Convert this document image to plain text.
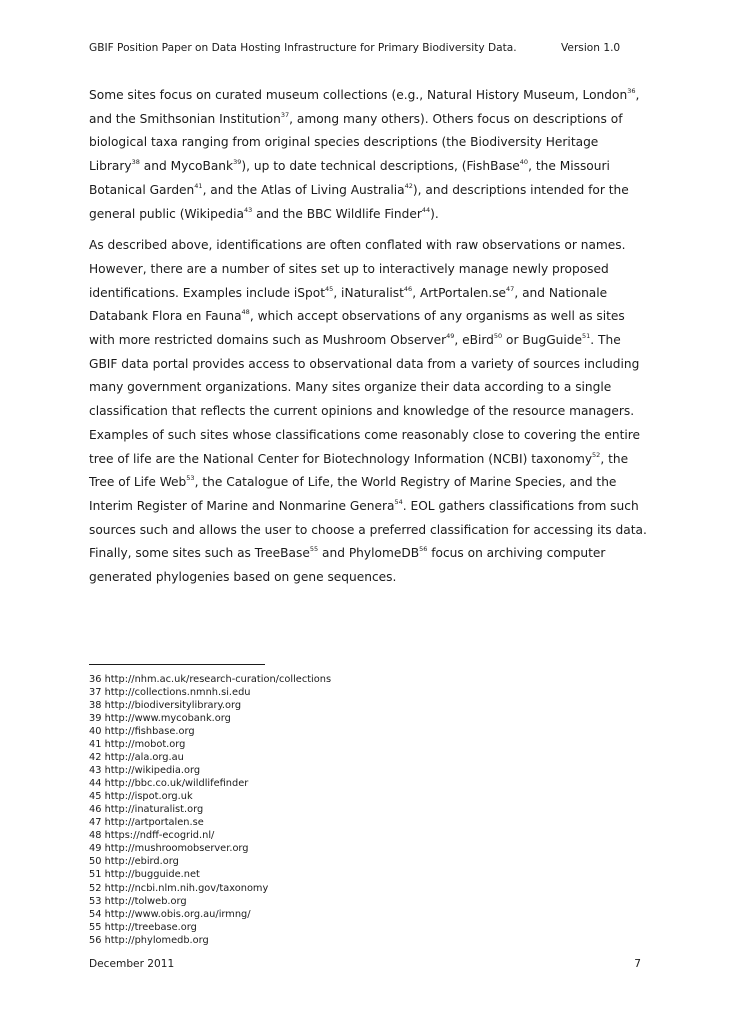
GBIF Position Paper on Data Hosting Infrastructure for Primary Biodiversity Data.	Version 1.0

Some sites focus on curated museum collections (e.g., Natural History Museum, London$^{36}$, and the Smithsonian Institution$^{37}$, among many others). Others focus on descriptions of biological taxa ranging from original species descriptions (the Biodiversity Heritage Library$^{38}$ and MycoBank$^{39}$), up to date technical descriptions, (FishBase$^{40}$, the Missouri Botanical Garden$^{41}$, and the Atlas of Living Australia$^{42}$), and descriptions intended for the general public (Wikipedia$^{43}$ and the BBC Wildlife Finder$^{44}$).

As described above, identifications are often conflated with raw observations or names. However, there are a number of sites set up to interactively manage newly proposed identifications. Examples include iSpot$^{45}$, iNaturalist$^{46}$, $ArtPortalen.se^{47}$, and Nationale Databank Flora en Fauna$^{48}$, which accept observations of any organisms as well as sites with more restricted domains such as Mushroom Observer$^{49}$, eBird$^{50}$ or BugGuide$^{51}$. The GBIF data portal provides access to observational data from a variety of sources including many government organizations. Many sites organize their data according to a single classification that reflects the current opinions and knowledge of the resource managers. Examples of such sites whose classifications come reasonably close to covering the entire tree of life are the National Center for Biotechnology Information (NCBI) taxonomy$^{52}$, the Tree of Life Web$^{53}$, the Catalogue of Life, the World Registry of Marine Species, and the Interim Register of Marine and Nonmarine Genera$^{54}$. EOL gathers classifications from such sources such and allows the user to choose a preferred classification for accessing its data. Finally, some sites such as TreeBase$^{55}$ and PhylomeDB$^{56}$ focus on archiving computer generated phylogenies based on gene sequences.

36 http://nhm.ac.uk/research-curation/collections
37 http://collections.nmnh.si.edu
38 http://biodiversitylibrary.org
39 http://www.mycobank.org
40 http://fishbase.org
41 http://mobot.org
42 http://ala.org.au
43 http://wikipedia.org
44 http://bbc.co.uk/wildlifefinder
45 http://ispot.org.uk
46 http://inaturalist.org
47 http://artportalen.se
48 https://ndff-ecogrid.nl/
49 http://mushroomobserver.org
50 http://ebird.org
51 http://bugguide.net
52 http://ncbi.nlm.nih.gov/taxonomy
53 http://tolweb.org
54 http://www.obis.org.au/irmng/
55 http://treebase.org
56 http://phylomedb.org
December 2011	7
